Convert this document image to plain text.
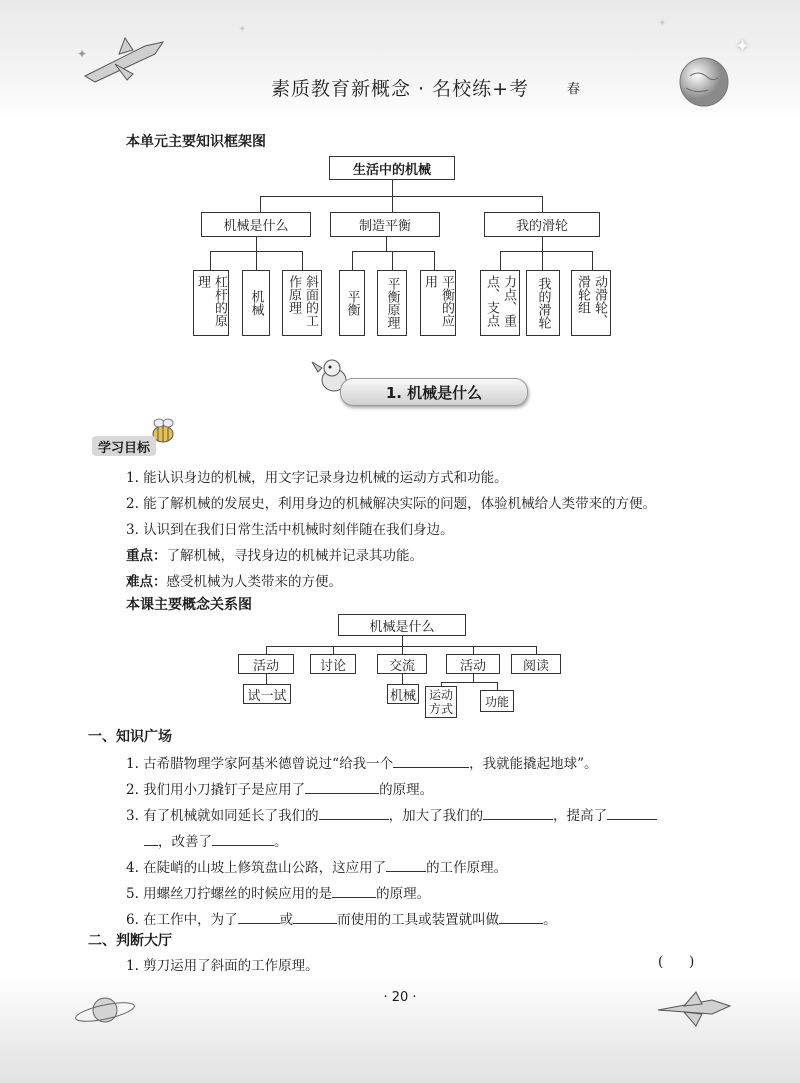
✦	✦
✦
✦
素质教育新概念 · 名校练+考	春
本单元主要知识框架图
生活中的机械
机械是什么	制造平衡	我的滑轮
杠杆的原理
机械	斜面的工作原理	平衡	平衡原理	平衡的应用	力点、重点、支点	我的滑轮	动滑轮、滑轮组
1. 机械是什么
学习目标
1. 能认识身边的机械，用文字记录身边机械的运动方式和功能。
2. 能了解机械的发展史，利用身边的机械解决实际的问题，体验机械给人类带来的方便。
3. 认识到在我们日常生活中机械时刻伴随在我们身边。
重点：了解机械，寻找身边的机械并记录其功能。
难点：感受机械为人类带来的方便。
本课主要概念关系图
机械是什么
活动	讨论	交流	活动	阅读
试一试	机械	运动方式
功能
一、知识广场
1. 古希腊物理学家阿基米德曾说过“给我一个	，我就能撬起地球”。
2. 我们用小刀撬钉子是应用了	的原理。
3. 有了机械就如同延长了我们的	，加大了我们的	，提高了
，改善了	。
4. 在陡峭的山坡上修筑盘山公路，这应用了	的工作原理。
5. 用螺丝刀拧螺丝的时候应用的是	的原理。
6. 在工作中，为了	或	而使用的工具或装置就叫做	。
二、判断大厅
1. 剪刀运用了斜面的工作原理。	(      )
· 20 ·
